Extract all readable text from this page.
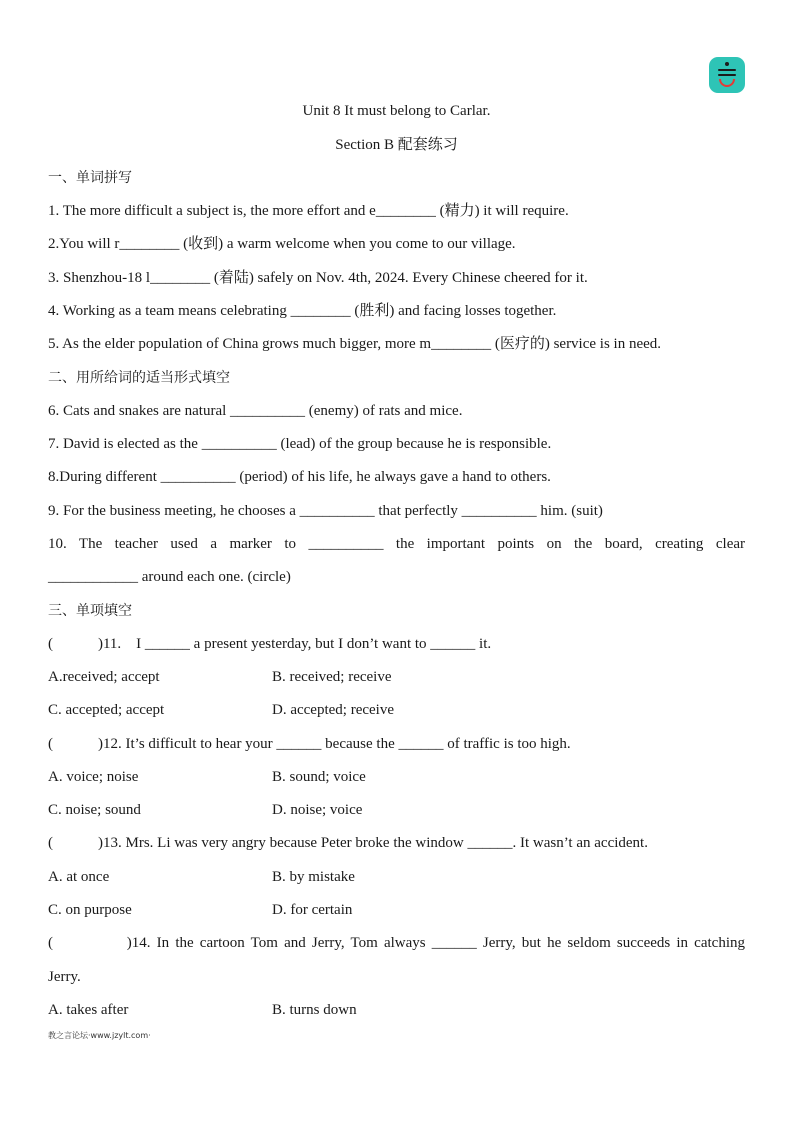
Unit 8 It must belong to Carlar.
Section B 配套练习
一、单词拼写
1. The more difficult a subject is, the more effort and e________ (精力) it will require.
2.You will r________ (收到) a warm welcome when you come to our village.
3. Shenzhou-18 l________ (着陆) safely on Nov. 4th, 2024. Every Chinese cheered for it.
4. Working as a team means celebrating ________ (胜利) and facing losses together.
5. As the elder population of China grows much bigger, more m________ (医疗的) service is in need.
二、用所给词的适当形式填空
6. Cats and snakes are natural __________ (enemy) of rats and mice.
7. David is elected as the __________ (lead) of the group because he is responsible.
8.During different __________ (period) of his life, he always gave a hand to others.
9. For the business meeting, he chooses a __________ that perfectly __________ him. (suit)
10. The teacher used a marker to __________ the important points on the board, creating clear
____________ around each one. (circle)
三、单项填空
(            )11.    I ______ a present yesterday, but I don’t want to ______ it.
A.received; accept	B. received; receive
C. accepted; accept	D. accepted; receive
(            )12. It’s difficult to hear your ______ because the ______ of traffic is too high.
A. voice; noise	B. sound; voice
C. noise; sound	D. noise; voice
(            )13. Mrs. Li was very angry because Peter broke the window ______. It wasn’t an accident.
A. at once	B. by mistake
C. on purpose	D. for certain
(            )14. In the cartoon Tom and Jerry, Tom always ______ Jerry, but he seldom succeeds in catching
Jerry.
A. takes after	B. turns down
教之言论坛·www.jzylt.com·
